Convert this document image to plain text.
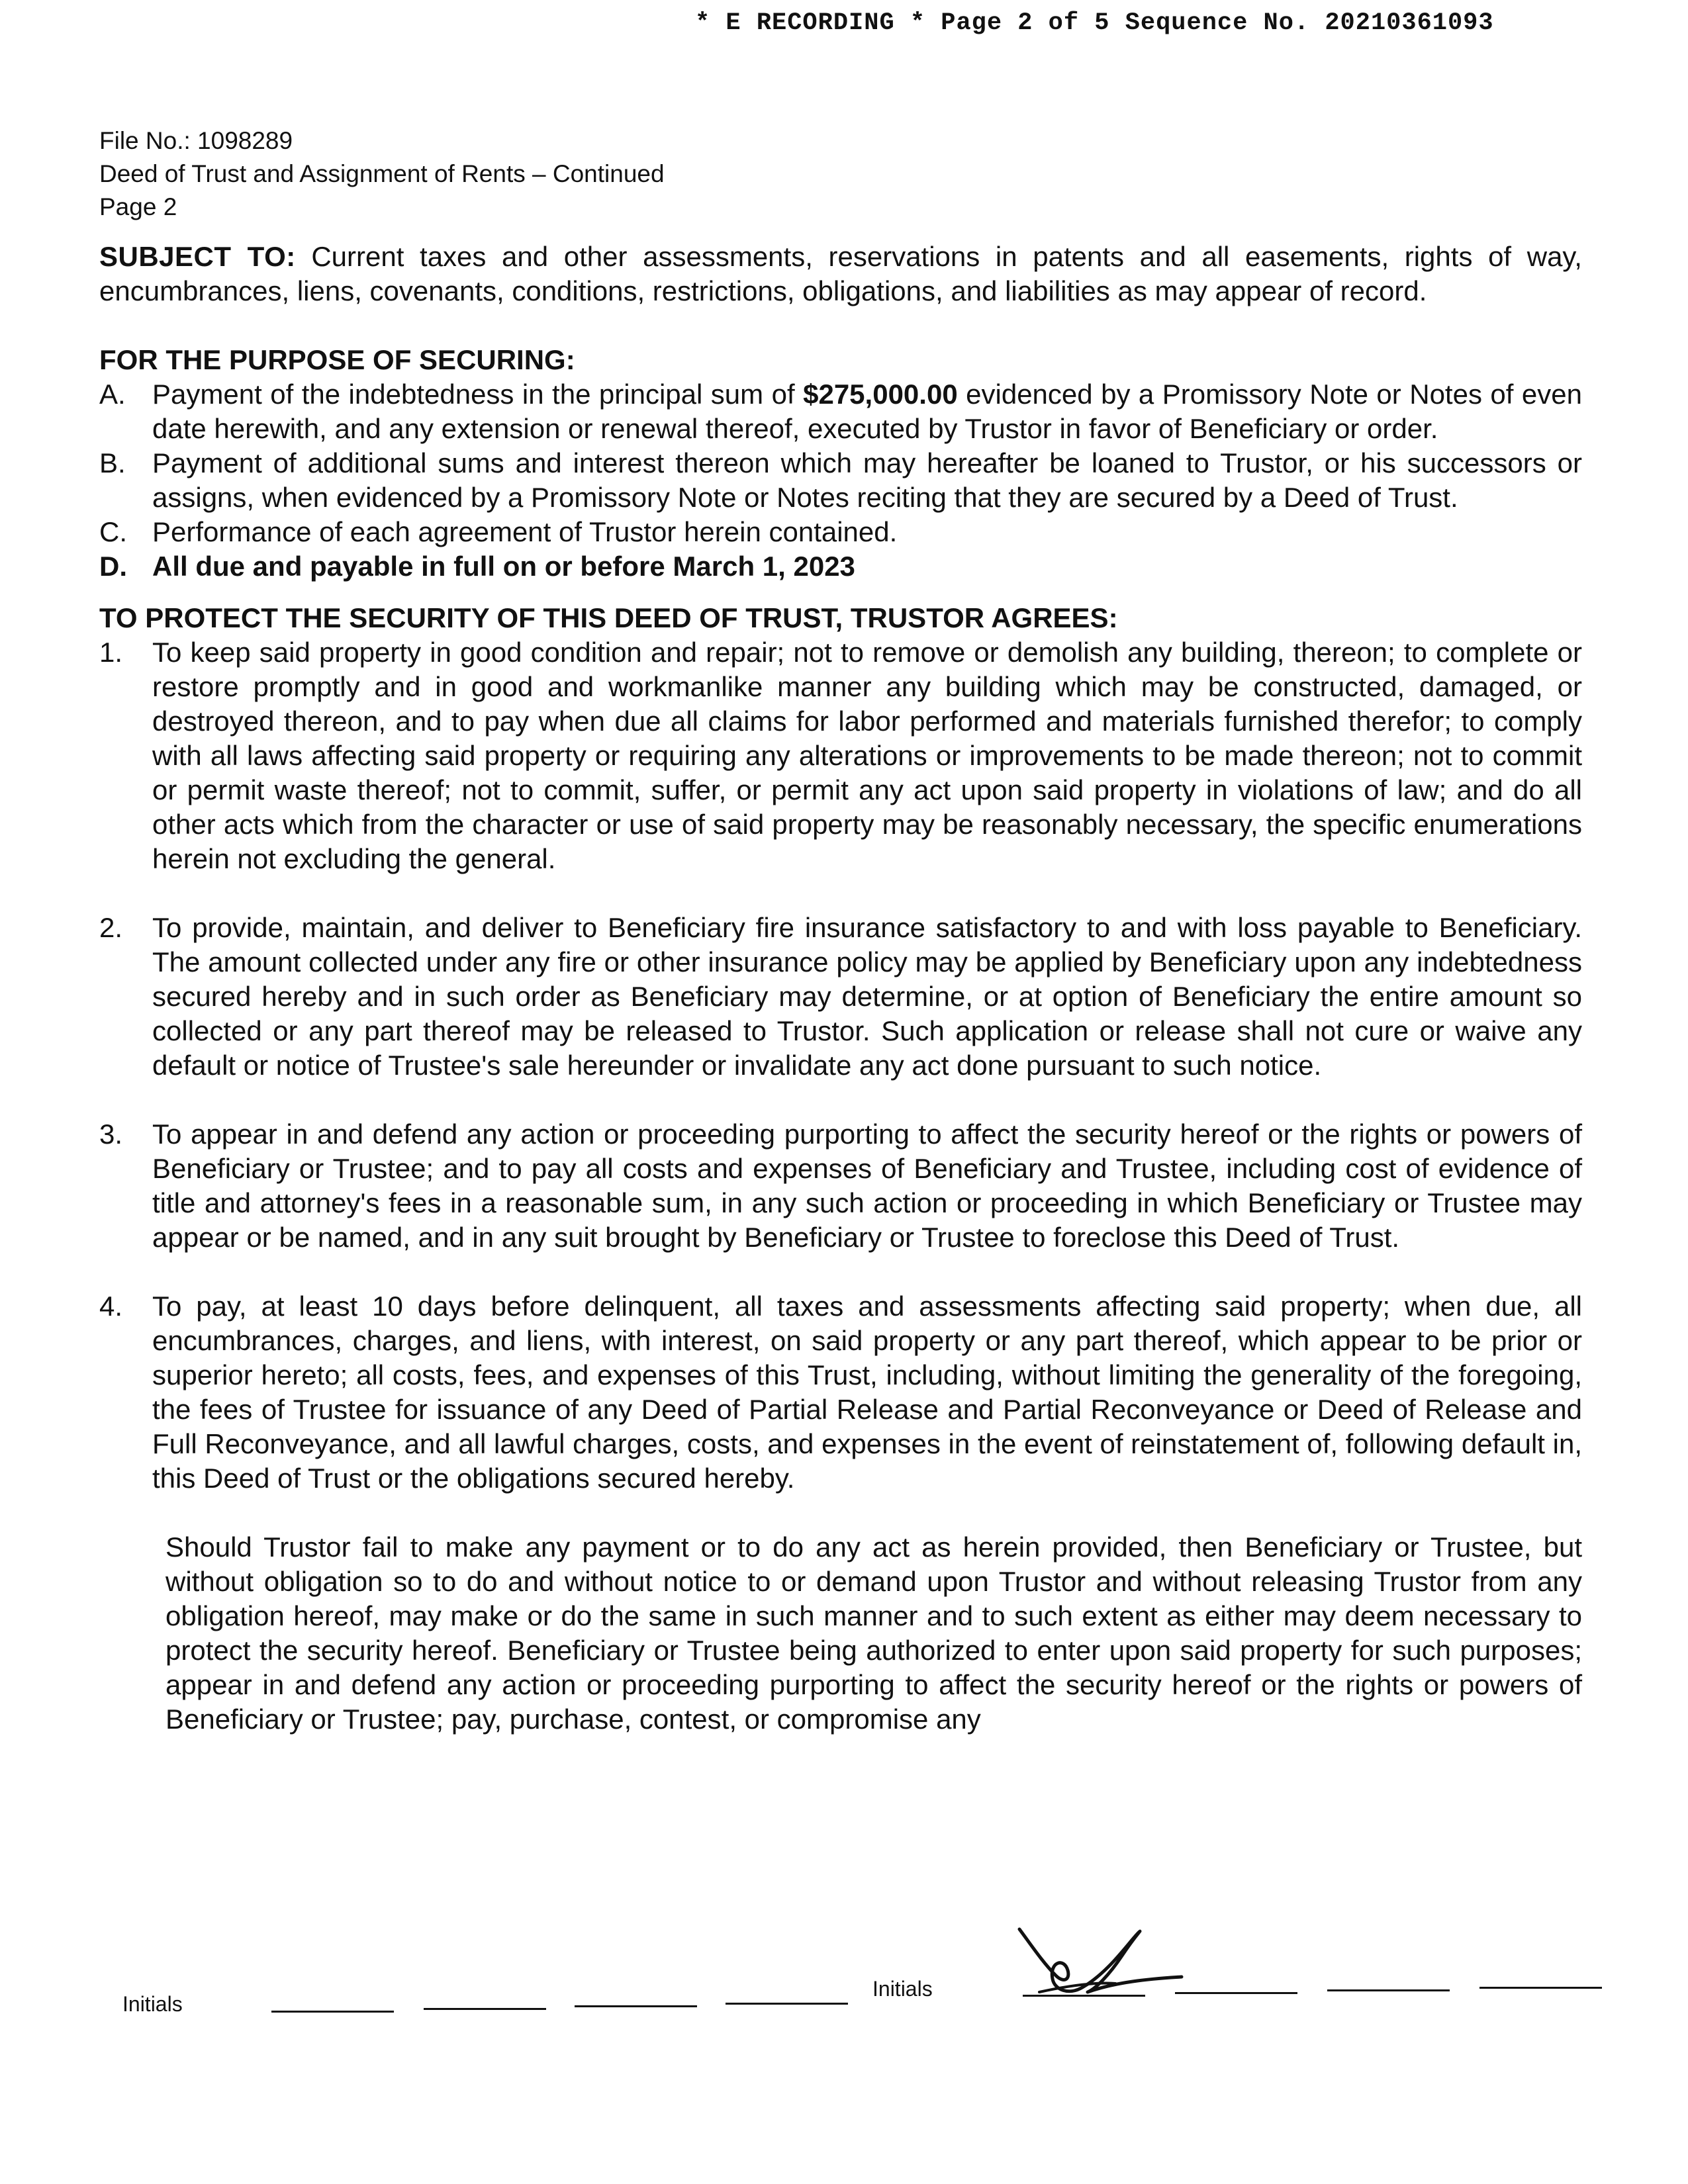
* E RECORDING * Page 2 of 5 Sequence No. 20210361093
File No.: 1098289
Deed of Trust and Assignment of Rents – Continued
Page 2

SUBJECT TO: Current taxes and other assessments, reservations in patents and all easements, rights of way, encumbrances, liens, covenants, conditions, restrictions, obligations, and liabilities as may appear of record.

FOR THE PURPOSE OF SECURING:

A. Payment of the indebtedness in the principal sum of $275,000.00 evidenced by a Promissory Note or Notes of even date herewith, and any extension or renewal thereof, executed by Trustor in favor of Beneficiary or order.
B. Payment of additional sums and interest thereon which may hereafter be loaned to Trustor, or his successors or assigns, when evidenced by a Promissory Note or Notes reciting that they are secured by a Deed of Trust.
C. Performance of each agreement of Trustor herein contained.
D. All due and payable in full on or before March 1, 2023

TO PROTECT THE SECURITY OF THIS DEED OF TRUST, TRUSTOR AGREES:

1.	To keep said property in good condition and repair; not to remove or demolish any building, thereon; to complete or restore promptly and in good and workmanlike manner any building which may be constructed, damaged, or destroyed thereon, and to pay when due all claims for labor performed and materials furnished therefor; to comply with all laws affecting said property or requiring any alterations or improvements to be made thereon; not to commit or permit waste thereof; not to commit, suffer, or permit any act upon said property in violations of law; and do all other acts which from the character or use of said property may be reasonably necessary, the specific enumerations herein not excluding the general.
2.	To provide, maintain, and deliver to Beneficiary fire insurance satisfactory to and with loss payable to Beneficiary. The amount collected under any fire or other insurance policy may be applied by Beneficiary upon any indebtedness secured hereby and in such order as Beneficiary may determine, or at option of Beneficiary the entire amount so collected or any part thereof may be released to Trustor. Such application or release shall not cure or waive any default or notice of Trustee's sale hereunder or invalidate any act done pursuant to such notice.
3.	To appear in and defend any action or proceeding purporting to affect the security hereof or the rights or powers of Beneficiary or Trustee; and to pay all costs and expenses of Beneficiary and Trustee, including cost of evidence of title and attorney's fees in a reasonable sum, in any such action or proceeding in which Beneficiary or Trustee may appear or be named, and in any suit brought by Beneficiary or Trustee to foreclose this Deed of Trust.
4.	To pay, at least 10 days before delinquent, all taxes and assessments affecting said property; when due, all encumbrances, charges, and liens, with interest, on said property or any part thereof, which appear to be prior or superior hereto; all costs, fees, and expenses of this Trust, including, without limiting the generality of the foregoing, the fees of Trustee for issuance of any Deed of Partial Release and Partial Reconveyance or Deed of Release and Full Reconveyance, and all lawful charges, costs, and expenses in the event of reinstatement of, following default in, this Deed of Trust or the obligations secured hereby.

Should Trustor fail to make any payment or to do any act as herein provided, then Beneficiary or Trustee, but without obligation so to do and without notice to or demand upon Trustor and without releasing Trustor from any obligation hereof, may make or do the same in such manner and to such extent as either may deem necessary to protect the security hereof. Beneficiary or Trustee being authorized to enter upon said property for such purposes; appear in and defend any action or proceeding purporting to affect the security hereof or the rights or powers of Beneficiary or Trustee; pay, purchase, contest, or compromise any

Initials
Initials
